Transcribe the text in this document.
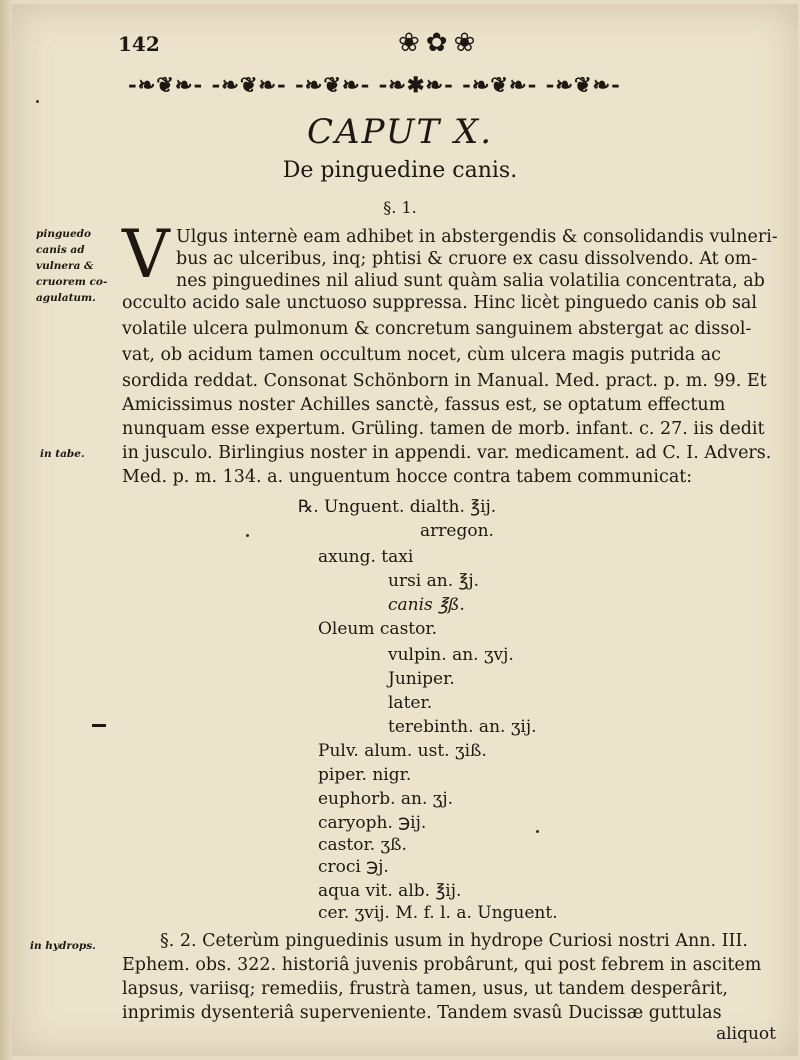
142	❀✿❀
-❧❦❧- -❧❦❧- -❧❦❧- -❧✱❧- -❧❦❧- -❧❦❧-
CAPUT X.
De pinguedine canis.
§. 1.
pinguedo
canis ad
vulnera &
cruorem co-
agulatum.
in tabe.
in hydrops.
V Ulgus internè eam adhibet in abstergendis & consolidandis vulneri-
bus ac ulceribus, inq; phtisi & cruore ex casu dissolvendo. At om-
nes pinguedines nil aliud sunt quàm salia volatilia concentrata, ab
occulto acido sale unctuoso suppressa. Hinc licèt pinguedo canis ob sal
volatile ulcera pulmonum & concretum sanguinem abstergat ac dissol-
vat, ob acidum tamen occultum nocet, cùm ulcera magis putrida ac
sordida reddat. Consonat Schönborn in Manual. Med. pract. p. m. 99. Et
Amicissimus noster Achilles sanctè, fassus est, se optatum effectum
nunquam esse expertum. Grüling. tamen de morb. infant. c. 27. iis dedit
in jusculo. Birlingius noster in appendi. var. medicament. ad C. I. Advers.
Med. p. m. 134. a. unguentum hocce contra tabem communicat:
℞. Unguent. dialth. ℥ij.
arregon.
axung. taxi
ursi an. ℥j.
canis ℥ß.
Oleum castor.
vulpin. an. ʒvj.
Juniper.
later.
terebinth. an. ʒij.
Pulv. alum. ust. ʒiß.
piper. nigr.
euphorb. an. ʒj.
caryoph. ℈ij.
castor. ʒß.
croci ℈j.
aqua vit. alb. ℥ij.
cer. ʒvij. M. f. l. a. Unguent.
§. 2. Ceterùm pinguedinis usum in hydrope Curiosi nostri Ann. III.
Ephem. obs. 322. historiâ juvenis probârunt, qui post febrem in ascitem
lapsus, variisq; remediis, frustrà tamen, usus, ut tandem desperârit,
inprimis dysenteriâ supervenientе. Tandem svasû Ducissæ guttulas
aliquot
